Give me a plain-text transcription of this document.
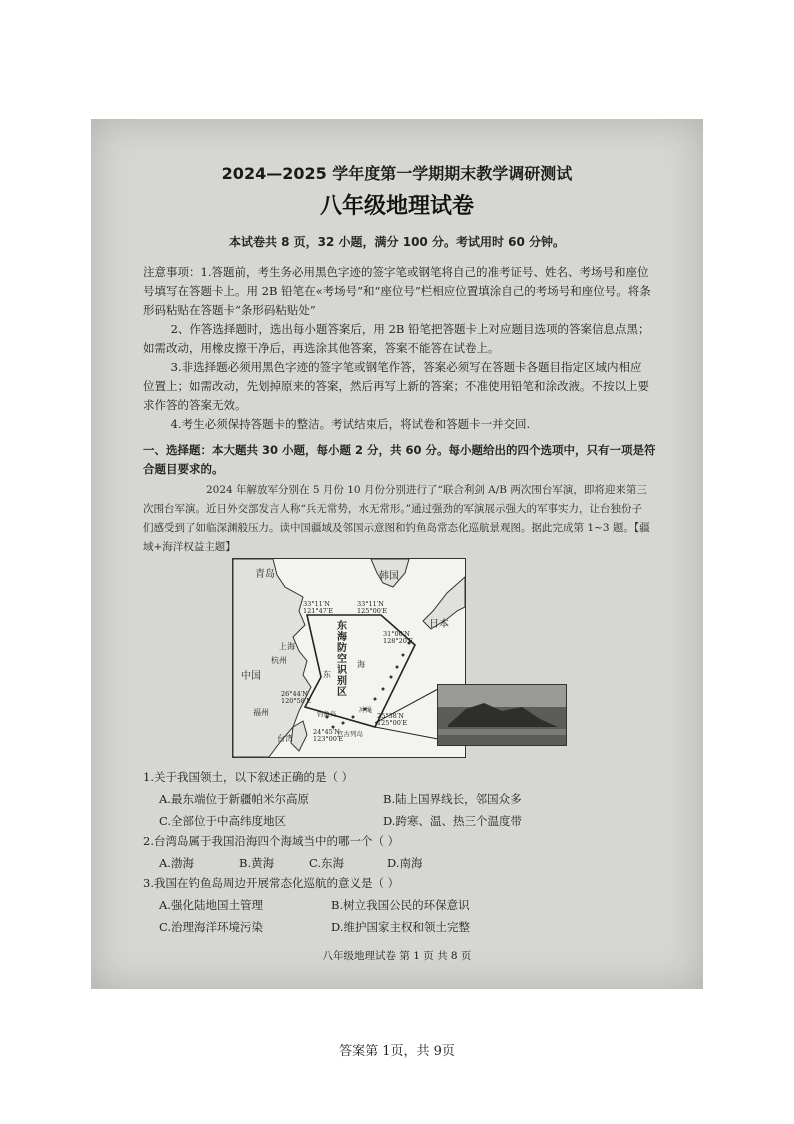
2024—2025 学年度第一学期期末教学调研测试
八年级地理试卷
本试卷共 8 页，32 小题，满分 100 分。考试用时 60 分钟。

注意事项：1.答题前，考生务必用黑色字迹的签字笔或钢笔将自己的准考证号、姓名、考场号和座位号填写在答题卡上。用 2B 铅笔在«考场号”和“座位号”栏相应位置填涂自己的考场号和座位号。将条形码粘贴在答题卡“条形码粘贴处”

2、作答选择题时，选出每小题答案后，用 2B 铅笔把答题卡上对应题目选项的答案信息点黑；如需改动，用橡皮擦干净后，再选涂其他答案，答案不能答在试卷上。

3.非选择题必须用黑色字迹的签字笔或钢笔作答，答案必须写在答题卡各题目指定区域内相应位置上；如需改动，先划掉原来的答案，然后再写上新的答案；不准使用铅笔和涂改液。不按以上要求作答的答案无效。

4.考生必须保持答题卡的整洁。考试结束后，将试卷和答题卡一并交回.

一、选择题：本大题共 30 小题，每小题 2 分，共 60 分。每小题给出的四个选项中，只有一项是符合题目要求的。
2024 年解放军分别在 5 月份 10 月份分别进行了“联合利剑 A/B 两次围台军演，即将迎来第三次围台军演。近日外交部发言人称“兵无常势，水无常形。”通过强劲的军演展示强大的军事实力，让台独份子们感受到了如临深渊般压力。读中国疆域及邻国示意图和钓鱼岛常态化巡航景观图。据此完成第 1~3 题。【疆域+海洋权益主题】
青岛	韩国
日本
中国
上海
杭州
福州
台湾
东
海
东海防空识别区
冲绳
钓鱼岛
宫古列岛
33°11′N 121°47′E
33°11′N 125°00′E
31°00′N 128°20′E
26°44′N 120°58′E
25°38′N 125°00′E
24°45′N 123°00′E
1.关于我国领土，以下叙述正确的是（ ）
A.最东端位于新疆帕米尔高原	B.陆上国界线长，邻国众多
C.全部位于中高纬度地区	D.跨寒、温、热三个温度带
2.台湾岛属于我国沿海四个海域当中的哪一个（ ）
A.渤海	B.黄海	C.东海	D.南海
3.我国在钓鱼岛周边开展常态化巡航的意义是（ ）
A.强化陆地国土管理	B.树立我国公民的环保意识
C.治理海洋环境污染	D.维护国家主权和领土完整
八年级地理试卷 第 1 页 共 8 页
答案第 1页，共 9页
